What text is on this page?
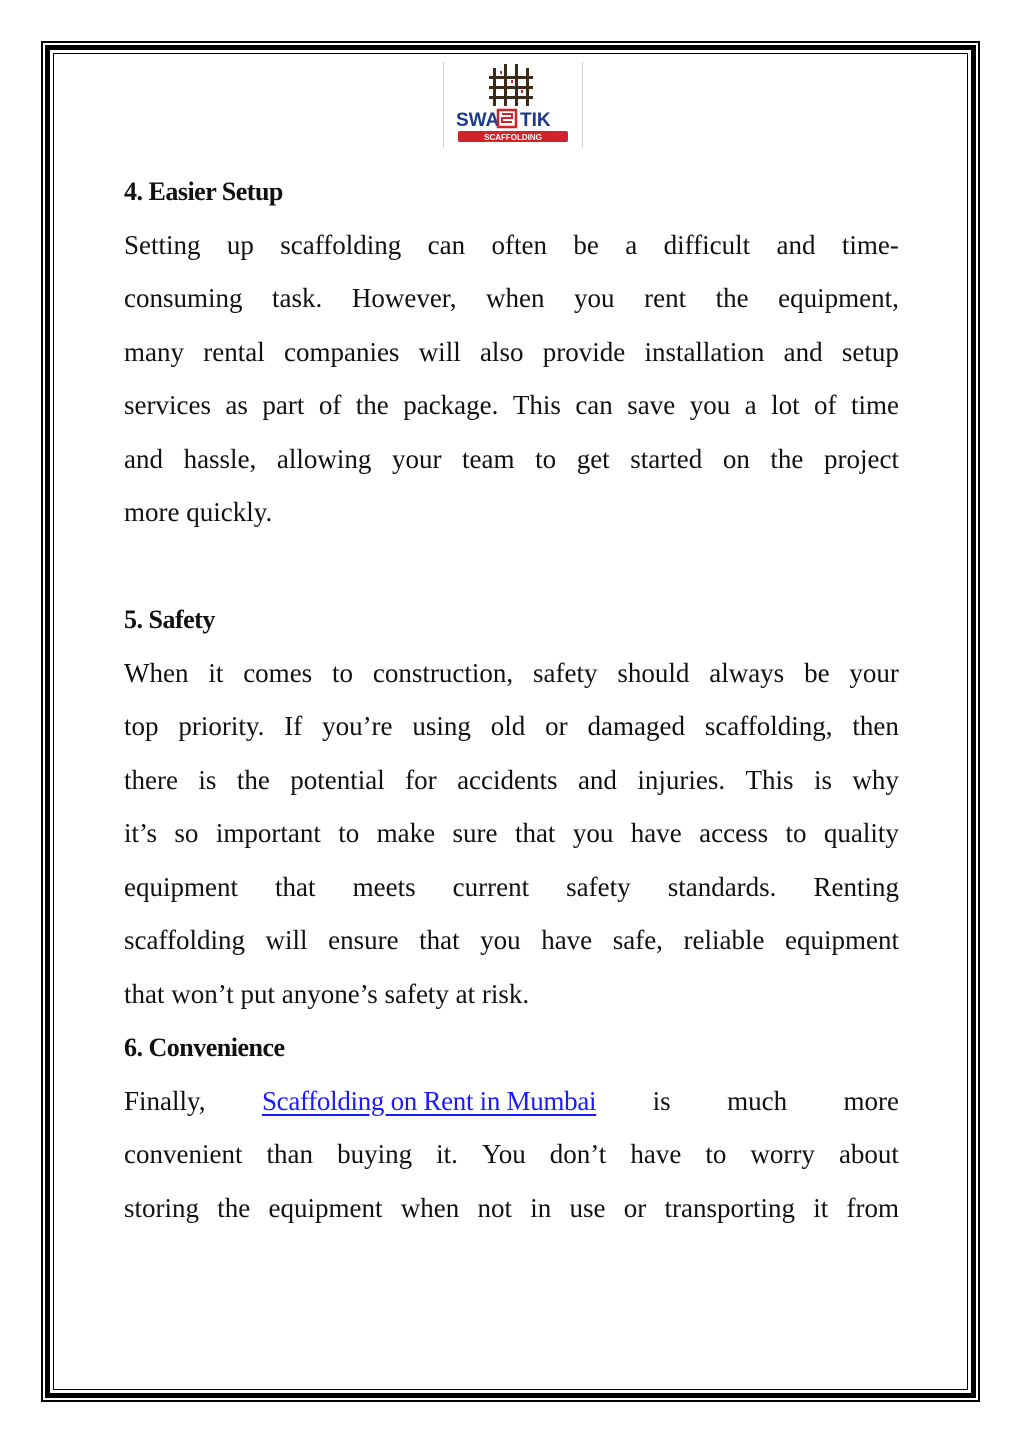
SWA TIK
SCAFFOLDING
4. Easier Setup

Setting up scaffolding can often be a difficult and time-
consuming task. However, when you rent the equipment,
many rental companies will also provide installation and setup
services as part of the package. This can save you a lot of time
and hassle, allowing your team to get started on the project
more quickly.

5. Safety

When it comes to construction, safety should always be your
top priority. If you’re using old or damaged scaffolding, then
there is the potential for accidents and injuries. This is why
it’s so important to make sure that you have access to quality
equipment that meets current safety standards. Renting
scaffolding will ensure that you have safe, reliable equipment
that won’t put anyone’s safety at risk.

6. Convenience

Finally, Scaffolding on Rent in Mumbai is much more
convenient than buying it. You don’t have to worry about
storing the equipment when not in use or transporting it from
